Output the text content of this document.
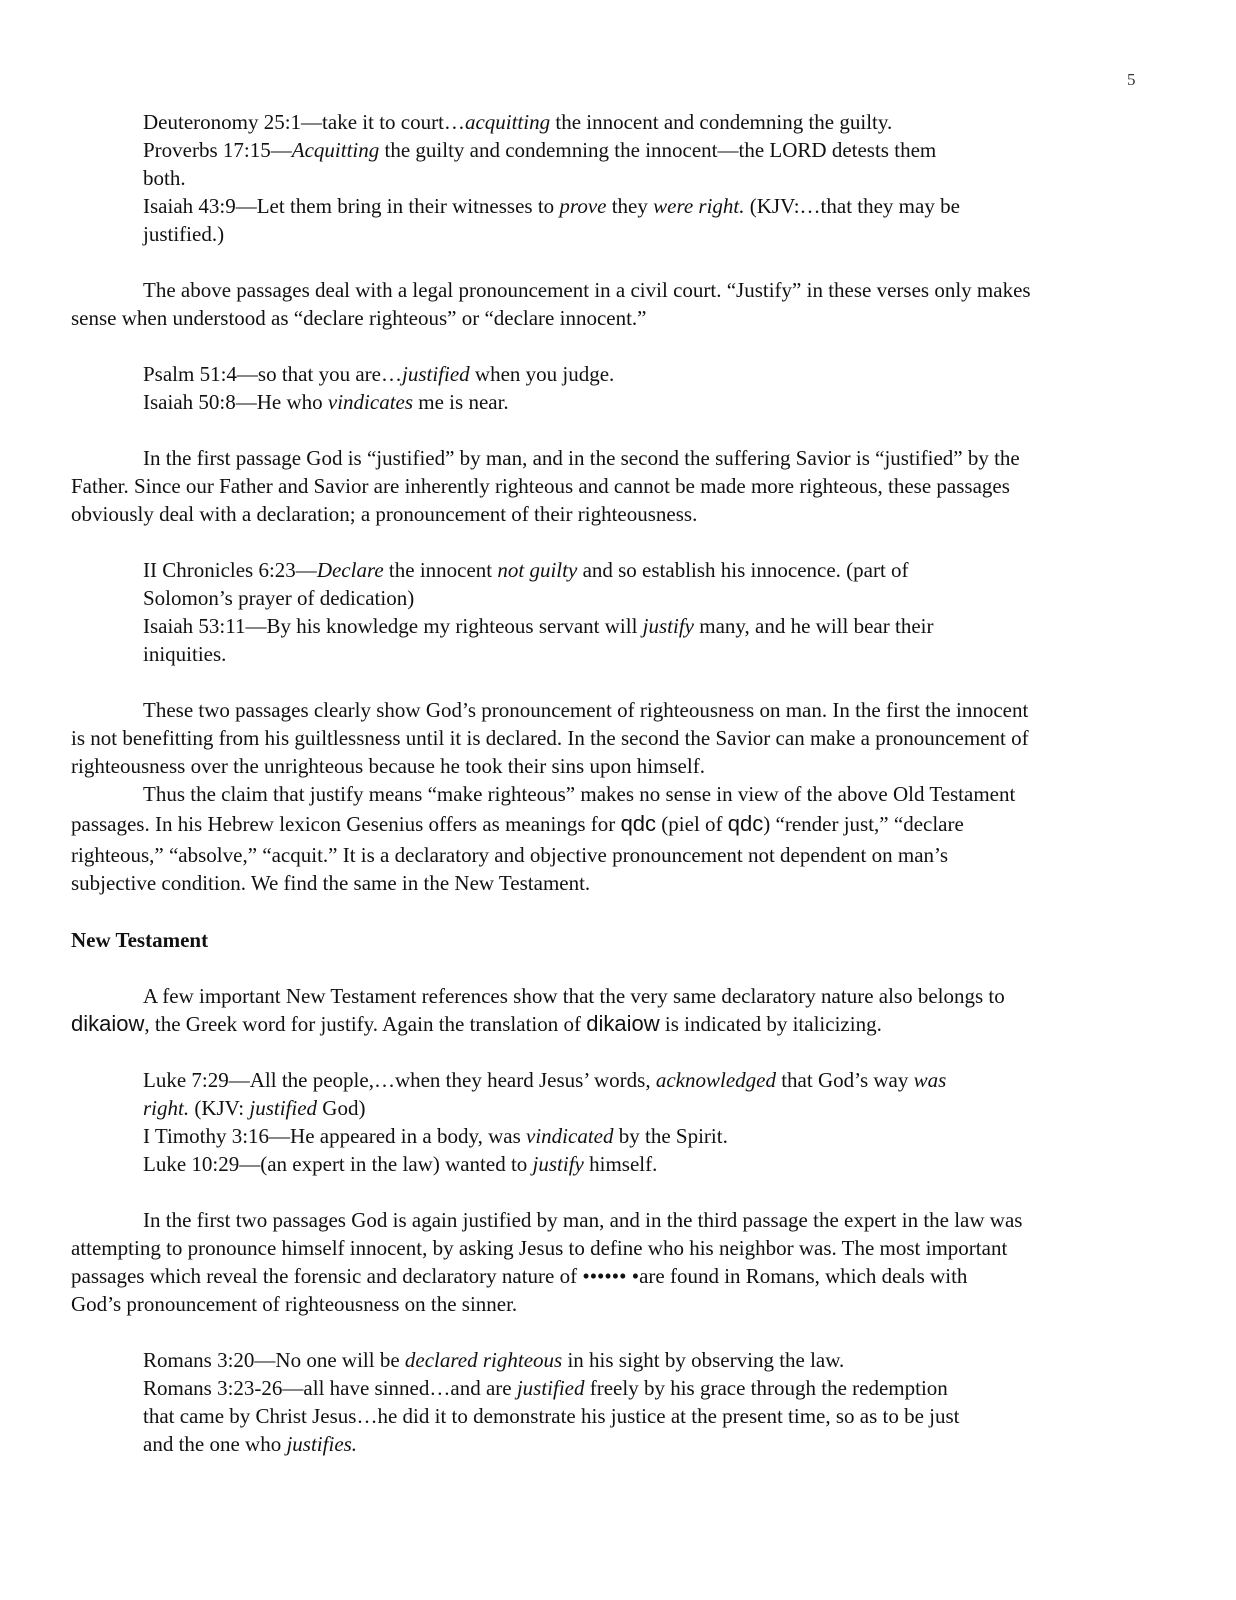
5
Deuteronomy 25:1—take it to court…acquitting the innocent and condemning the guilty.
Proverbs 17:15—Acquitting the guilty and condemning the innocent—the LORD detests them
both.
Isaiah 43:9—Let them bring in their witnesses to prove they were right. (KJV:…that they may be
justified.)
The above passages deal with a legal pronouncement in a civil court. “Justify” in these verses only makes
sense when understood as “declare righteous” or “declare innocent.”
Psalm 51:4—so that you are…justified when you judge.
Isaiah 50:8—He who vindicates me is near.
In the first passage God is “justified” by man, and in the second the suffering Savior is “justified” by the
Father. Since our Father and Savior are inherently righteous and cannot be made more righteous, these passages
obviously deal with a declaration; a pronouncement of their righteousness.
II Chronicles 6:23—Declare the innocent not guilty and so establish his innocence. (part of
Solomon’s prayer of dedication)
Isaiah 53:11—By his knowledge my righteous servant will justify many, and he will bear their
iniquities.
These two passages clearly show God’s pronouncement of righteousness on man. In the first the innocent
is not benefitting from his guiltlessness until it is declared. In the second the Savior can make a pronouncement of
righteousness over the unrighteous because he took their sins upon himself.
Thus the claim that justify means “make righteous” makes no sense in view of the above Old Testament
passages. In his Hebrew lexicon Gesenius offers as meanings for qdc (piel of qdc) “render just,” “declare
righteous,” “absolve,” “acquit.” It is a declaratory and objective pronouncement not dependent on man’s
subjective condition. We find the same in the New Testament.
New Testament
A few important New Testament references show that the very same declaratory nature also belongs to
dikaiow, the Greek word for justify. Again the translation of dikaiow is indicated by italicizing.
Luke 7:29—All the people,…when they heard Jesus’ words, acknowledged that God’s way was
right. (KJV: justified God)
I Timothy 3:16—He appeared in a body, was vindicated by the Spirit.
Luke 10:29—(an expert in the law) wanted to justify himself.
In the first two passages God is again justified by man, and in the third passage the expert in the law was
attempting to pronounce himself innocent, by asking Jesus to define who his neighbor was. The most important
passages which reveal the forensic and declaratory nature of •••••• •are found in Romans, which deals with
God’s pronouncement of righteousness on the sinner.
Romans 3:20—No one will be declared righteous in his sight by observing the law.
Romans 3:23-26—all have sinned…and are justified freely by his grace through the redemption
that came by Christ Jesus…he did it to demonstrate his justice at the present time, so as to be just
and the one who justifies.
